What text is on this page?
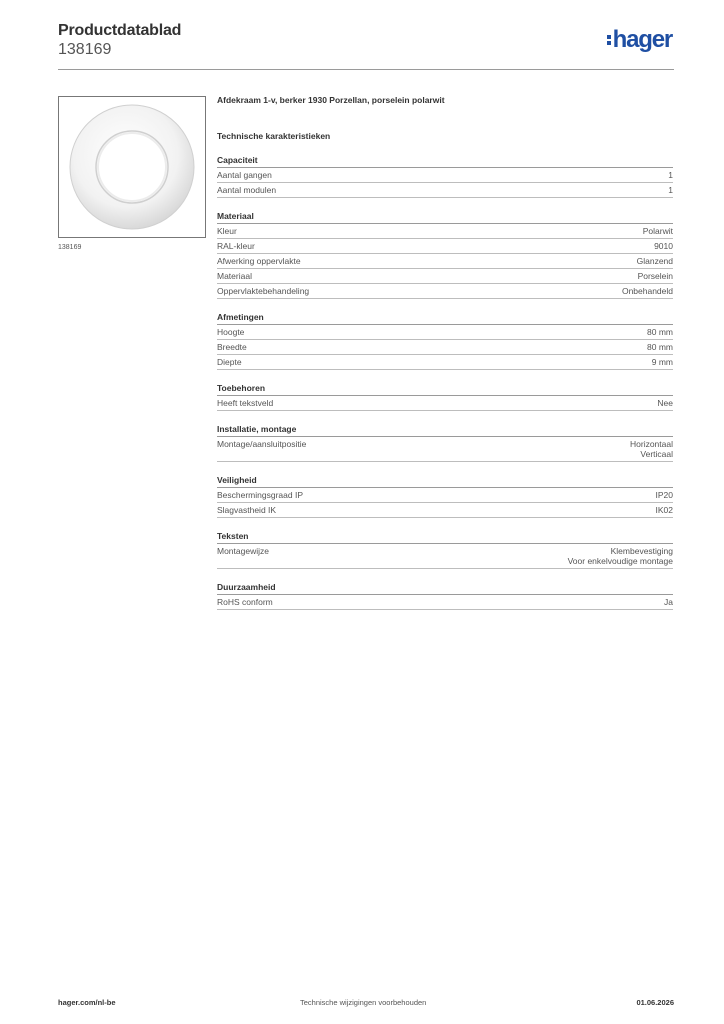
Productdatablad
138169	hager
138169
Afdekraam 1-v, berker 1930 Porzellan, porselein polarwit
Technische karakteristieken
Capaciteit
Aantal gangen	1
Aantal modulen	1
Materiaal
Kleur	Polarwit
RAL-kleur	9010
Afwerking oppervlakte	Glanzend
Materiaal	Porselein
Oppervlaktebehandeling	Onbehandeld
Afmetingen
Hoogte	80 mm
Breedte	80 mm
Diepte	9 mm
Toebehoren
Heeft tekstveld	Nee
Installatie, montage
Montage/aansluitpositie	Horizontaal
Verticaal
Veiligheid
Beschermingsgraad IP	IP20
Slagvastheid IK	IK02
Teksten
Montagewijze	Klembevestiging
Voor enkelvoudige montage
Duurzaamheid
RoHS conform	Ja
hager.com/nl-be	Technische wijzigingen voorbehouden	01.06.2026
